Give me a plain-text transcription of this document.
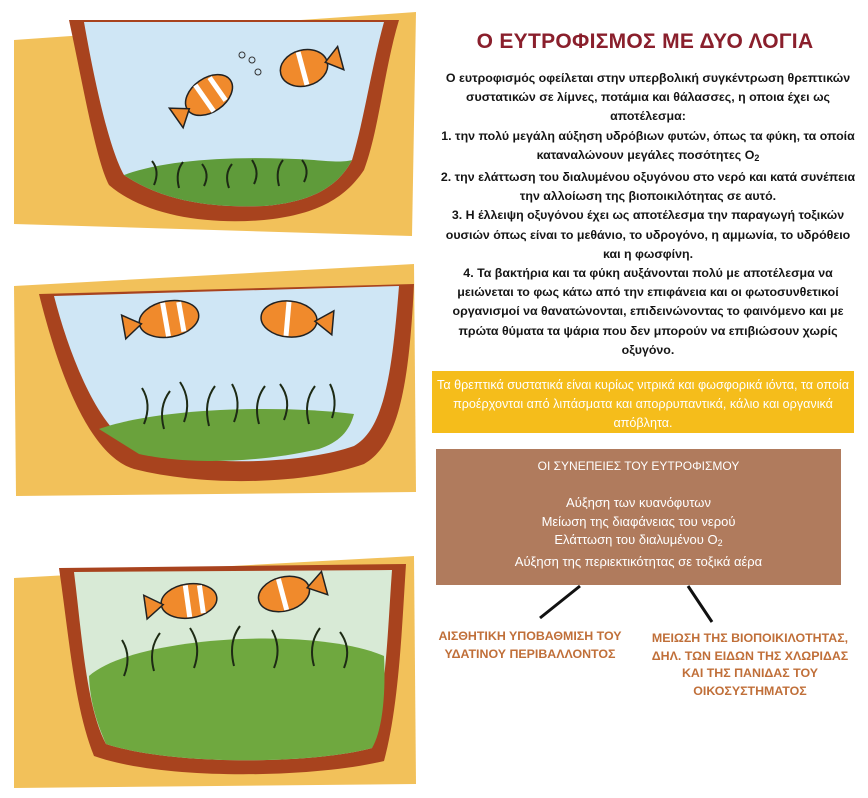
Ο ΕΥΤΡΟΦΙΣΜΟΣ ΜΕ ΔΥΟ ΛΟΓΙΑ

Ο ευτροφισμός οφείλεται στην υπερβολική συγκέντρωση θρεπτικών συστατικών σε λίμνες, ποτάμια και θάλασσες, η οποια έχει ως αποτέλεσμα:

1. την πολύ μεγάλη αύξηση υδρόβιων φυτών, όπως τα φύκη, τα οποία καταναλώνουν μεγάλες ποσότητες $O_2$

2. την ελάττωση του διαλυμένου οξυγόνου στο νερό και κατά συνέπεια την αλλοίωση της βιοποικιλότητας σε αυτό.

3. Η έλλειψη οξυγόνου έχει ως αποτέλεσμα την παραγωγή τοξικών ουσιών όπως είναι το μεθάνιο, το υδρογόνο, η αμμωνία, το υδρόθειο και η φωσφίνη.

4. Τα βακτήρια και τα φύκη αυξάνονται πολύ με αποτέλεσμα να μειώνεται το φως κάτω από την επιφάνεια και οι φωτοσυνθετικοί οργανισμοί να θανατώνονται, επιδεινώνοντας το φαινόμενο και με πρώτα θύματα τα ψάρια που δεν μπορούν να επιβιώσουν χωρίς οξυγόνο.

Τα θρεπτικά συστατικά είναι κυρίως νιτρικά και φωσφορικά ιόντα, τα οποία προέρχονται από λιπάσματα και απορρυπαντικά, κάλιο και οργανικά απόβλητα.
ΟΙ ΣΥΝΕΠΕΙΕΣ ΤΟΥ ΕΥΤΡΟΦΙΣΜΟΥ
Αύξηση των κυανόφυτων
Μείωση της διαφάνειας του νερού
Ελάττωση του διαλυμένου $O_2$
Αύξηση της περιεκτικότητας σε τοξικά αέρα
ΑΙΣΘΗΤΙΚΗ ΥΠΟΒΑΘΜΙΣΗ ΤΟΥ ΥΔΑΤΙΝΟΥ ΠΕΡΙΒΑΛΛΟΝΤΟΣ
ΜΕΙΩΣΗ ΤΗΣ ΒΙΟΠΟΙΚΙΛΟΤΗΤΑΣ, ΔΗΛ. ΤΩΝ ΕΙΔΩΝ ΤΗΣ ΧΛΩΡΙΔΑΣ ΚΑΙ ΤΗΣ ΠΑΝΙΔΑΣ ΤΟΥ ΟΙΚΟΣΥΣΤΗΜΑΤΟΣ
